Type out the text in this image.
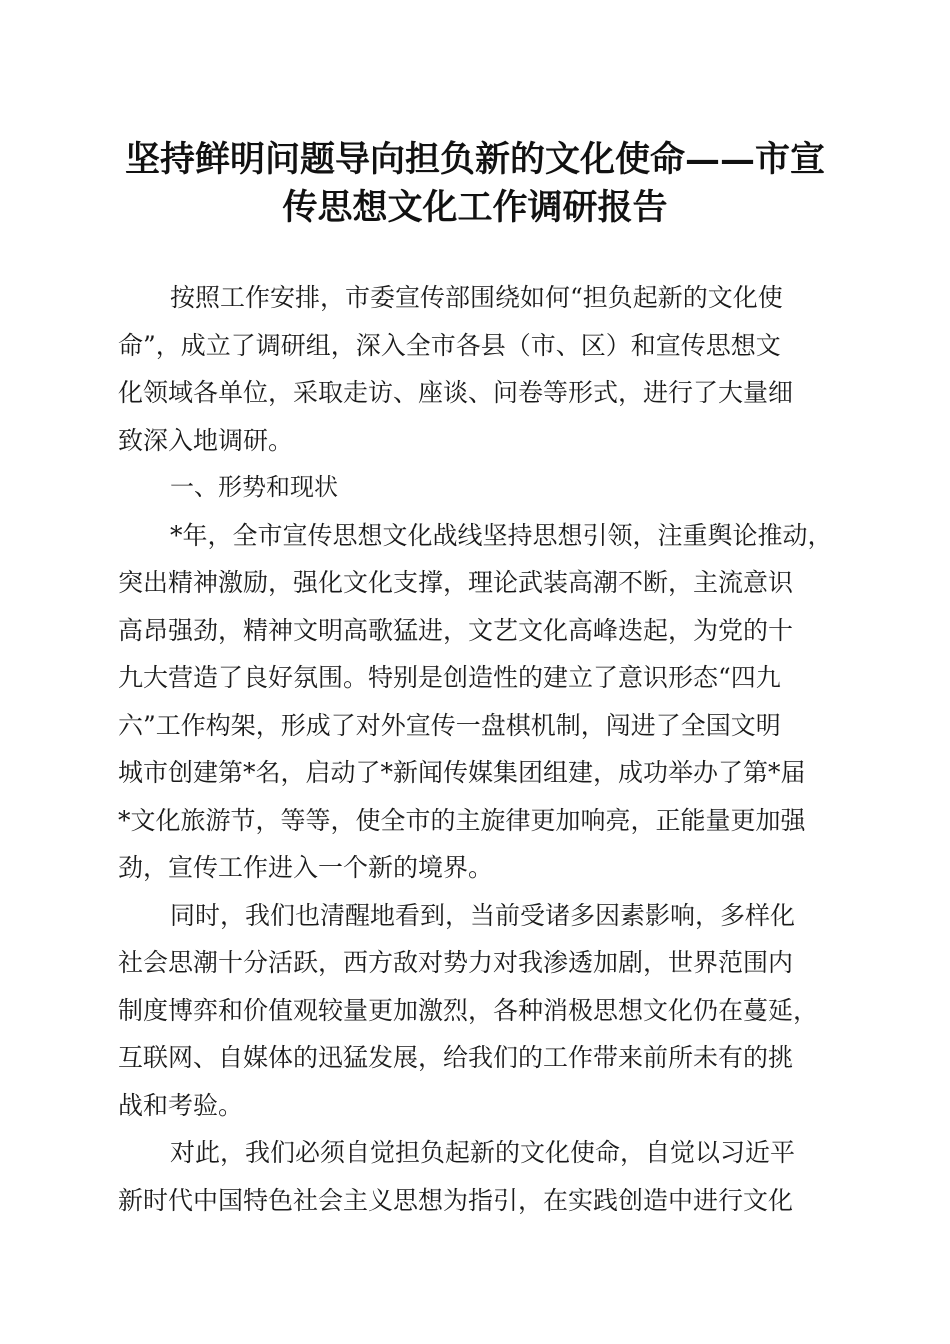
坚持鲜明问题导向担负新的文化使命——市宣
传思想文化工作调研报告
按照工作安排，市委宣传部围绕如何“担负起新的文化使
命”，成立了调研组，深入全市各县（市、区）和宣传思想文
化领域各单位，采取走访、座谈、问卷等形式，进行了大量细
致深入地调研。
一、形势和现状
*年，全市宣传思想文化战线坚持思想引领，注重舆论推动，
突出精神激励，强化文化支撑，理论武装高潮不断，主流意识
高昂强劲，精神文明高歌猛进，文艺文化高峰迭起，为党的十
九大营造了良好氛围。特别是创造性的建立了意识形态“四九
六”工作构架，形成了对外宣传一盘棋机制，闯进了全国文明
城市创建第*名，启动了*新闻传媒集团组建，成功举办了第*届
*文化旅游节，等等，使全市的主旋律更加响亮，正能量更加强
劲，宣传工作进入一个新的境界。
同时，我们也清醒地看到，当前受诸多因素影响，多样化
社会思潮十分活跃，西方敌对势力对我渗透加剧，世界范围内
制度博弈和价值观较量更加激烈，各种消极思想文化仍在蔓延，
互联网、自媒体的迅猛发展，给我们的工作带来前所未有的挑
战和考验。
对此，我们必须自觉担负起新的文化使命，自觉以习近平
新时代中国特色社会主义思想为指引，在实践创造中进行文化
